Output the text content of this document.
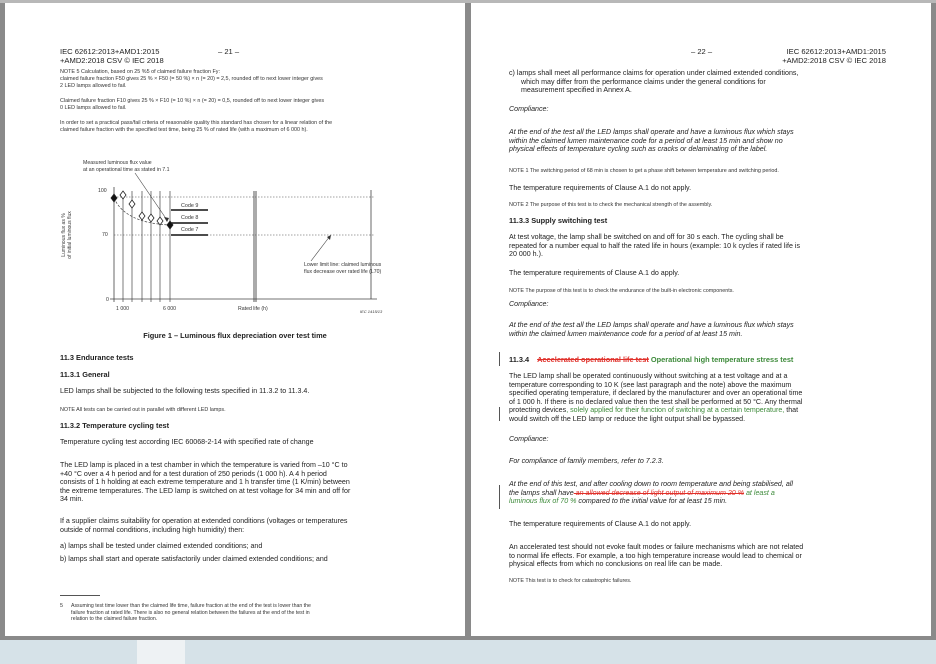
IEC 62612:2013+AMD1:2015
+AMD2:2018 CSV © IEC 2018
– 21 –
NOTE 5 Calculation, based on 25 %5 of claimed failure fraction Fy:
claimed failure fraction F50 gives 25 % × F50 (= 50 %) × n (= 20) = 2,5, rounded off to next lower integer gives
2 LED lamps allowed to fail.
Claimed failure fraction F10 gives 25 % × F10 (= 10 %) × n (= 20) = 0,5, rounded off to next lower integer gives
0 LED lamps allowed to fail.
In order to set a practical pass/fail criteria of reasonable quality this standard has chosen for a linear relation of the
claimed failure fraction with the specified test time, being 25 % of rated life (with a maximum of 6 000 h).
Code 9
Code 8
Code 7
Measured luminous flux value
at an operational time as stated in 7.1
100
70
0
Luminous flux as % of initial luminous flux
1 000	6 000	Rated life (h)
Lower limit line: claimed luminous
flux decrease over rated life (L70)
IEC 1415/13
Figure 1 – Luminous flux depreciation over test time
11.3 Endurance tests
11.3.1 General
LED lamps shall be subjected to the following tests specified in 11.3.2 to 11.3.4.
NOTE All tests can be carried out in parallel with different LED lamps.
11.3.2 Temperature cycling test
Temperature cycling test according IEC 60068-2-14 with specified rate of change
The LED lamp is placed in a test chamber in which the temperature is varied from –10 °C to
+40 °C over a 4 h period and for a test duration of 250 periods (1 000 h). A 4 h period
consists of 1 h holding at each extreme temperature and 1 h transfer time (1 K/min) between
the extreme temperatures. The LED lamp is switched on at test voltage for 34 min and off for
34 min.
If a supplier claims suitability for operation at extended conditions (voltages or temperatures
outside of normal conditions, including high humidity) then:
a) lamps shall be tested under claimed extended conditions; and
b) lamps shall start and operate satisfactorily under claimed extended conditions; and
5 Assuming test time lower than the claimed life time, failure fraction at the end of the test is lower than the
failure fraction at rated life. There is also no general relation between the failures at the end of the test in
relation to the claimed failure fraction.
– 22 –	IEC 62612:2013+AMD1:2015
+AMD2:2018 CSV © IEC 2018
c) lamps shall meet all performance claims for operation under claimed extended conditions,
which may differ from the performance claims under the general conditions for
measurement specified in Annex A.
Compliance:
At the end of the test all the LED lamps shall operate and have a luminous flux which stays
within the claimed lumen maintenance code for a period of at least 15 min and show no
physical effects of temperature cycling such as cracks or delaminating of the label.
NOTE 1 The switching period of 68 min is chosen to get a phase shift between temperature and switching period.
The temperature requirements of Clause A.1 do not apply.
NOTE 2 The purpose of this test is to check the mechanical strength of the assembly.
11.3.3 Supply switching test
At test voltage, the lamp shall be switched on and off for 30 s each. The cycling shall be
repeated for a number equal to half the rated life in hours (example: 10 k cycles if rated life is
20 000 h.).
The temperature requirements of Clause A.1 do apply.
NOTE The purpose of this test is to check the endurance of the built-in electronic components.
Compliance:
At the end of the test all the LED lamps shall operate and have a luminous flux which stays
within the claimed lumen maintenance code for a period of at least 15 min.
11.3.4 Accelerated operational life test Operational high temperature stress test
The LED lamp shall be operated continuously without switching at a test voltage and at a
temperature corresponding to 10 K (see last paragraph and the note) above the maximum
specified operating temperature, if declared by the manufacturer and over an operational time
of 1 000 h. If there is no declared value then the test shall be performed at 50 °C. Any thermal
protecting devices, solely applied for their function of switching at a certain temperature, that
would switch off the LED lamp or reduce the light output shall be bypassed.
Compliance:
For compliance of family members, refer to 7.2.3.
At the end of this test, and after cooling down to room temperature and being stabilised, all
the lamps shall have an allowed decrease of light output of maximum 20 % at least a
luminous flux of 70 % compared to the initial value for at least 15 min.
The temperature requirements of Clause A.1 do not apply.
An accelerated test should not evoke fault modes or failure mechanisms which are not related
to normal life effects. For example, a too high temperature increase would lead to chemical or
physical effects from which no conclusions on real life can be made.
NOTE This test is to check for catastrophic failures.
